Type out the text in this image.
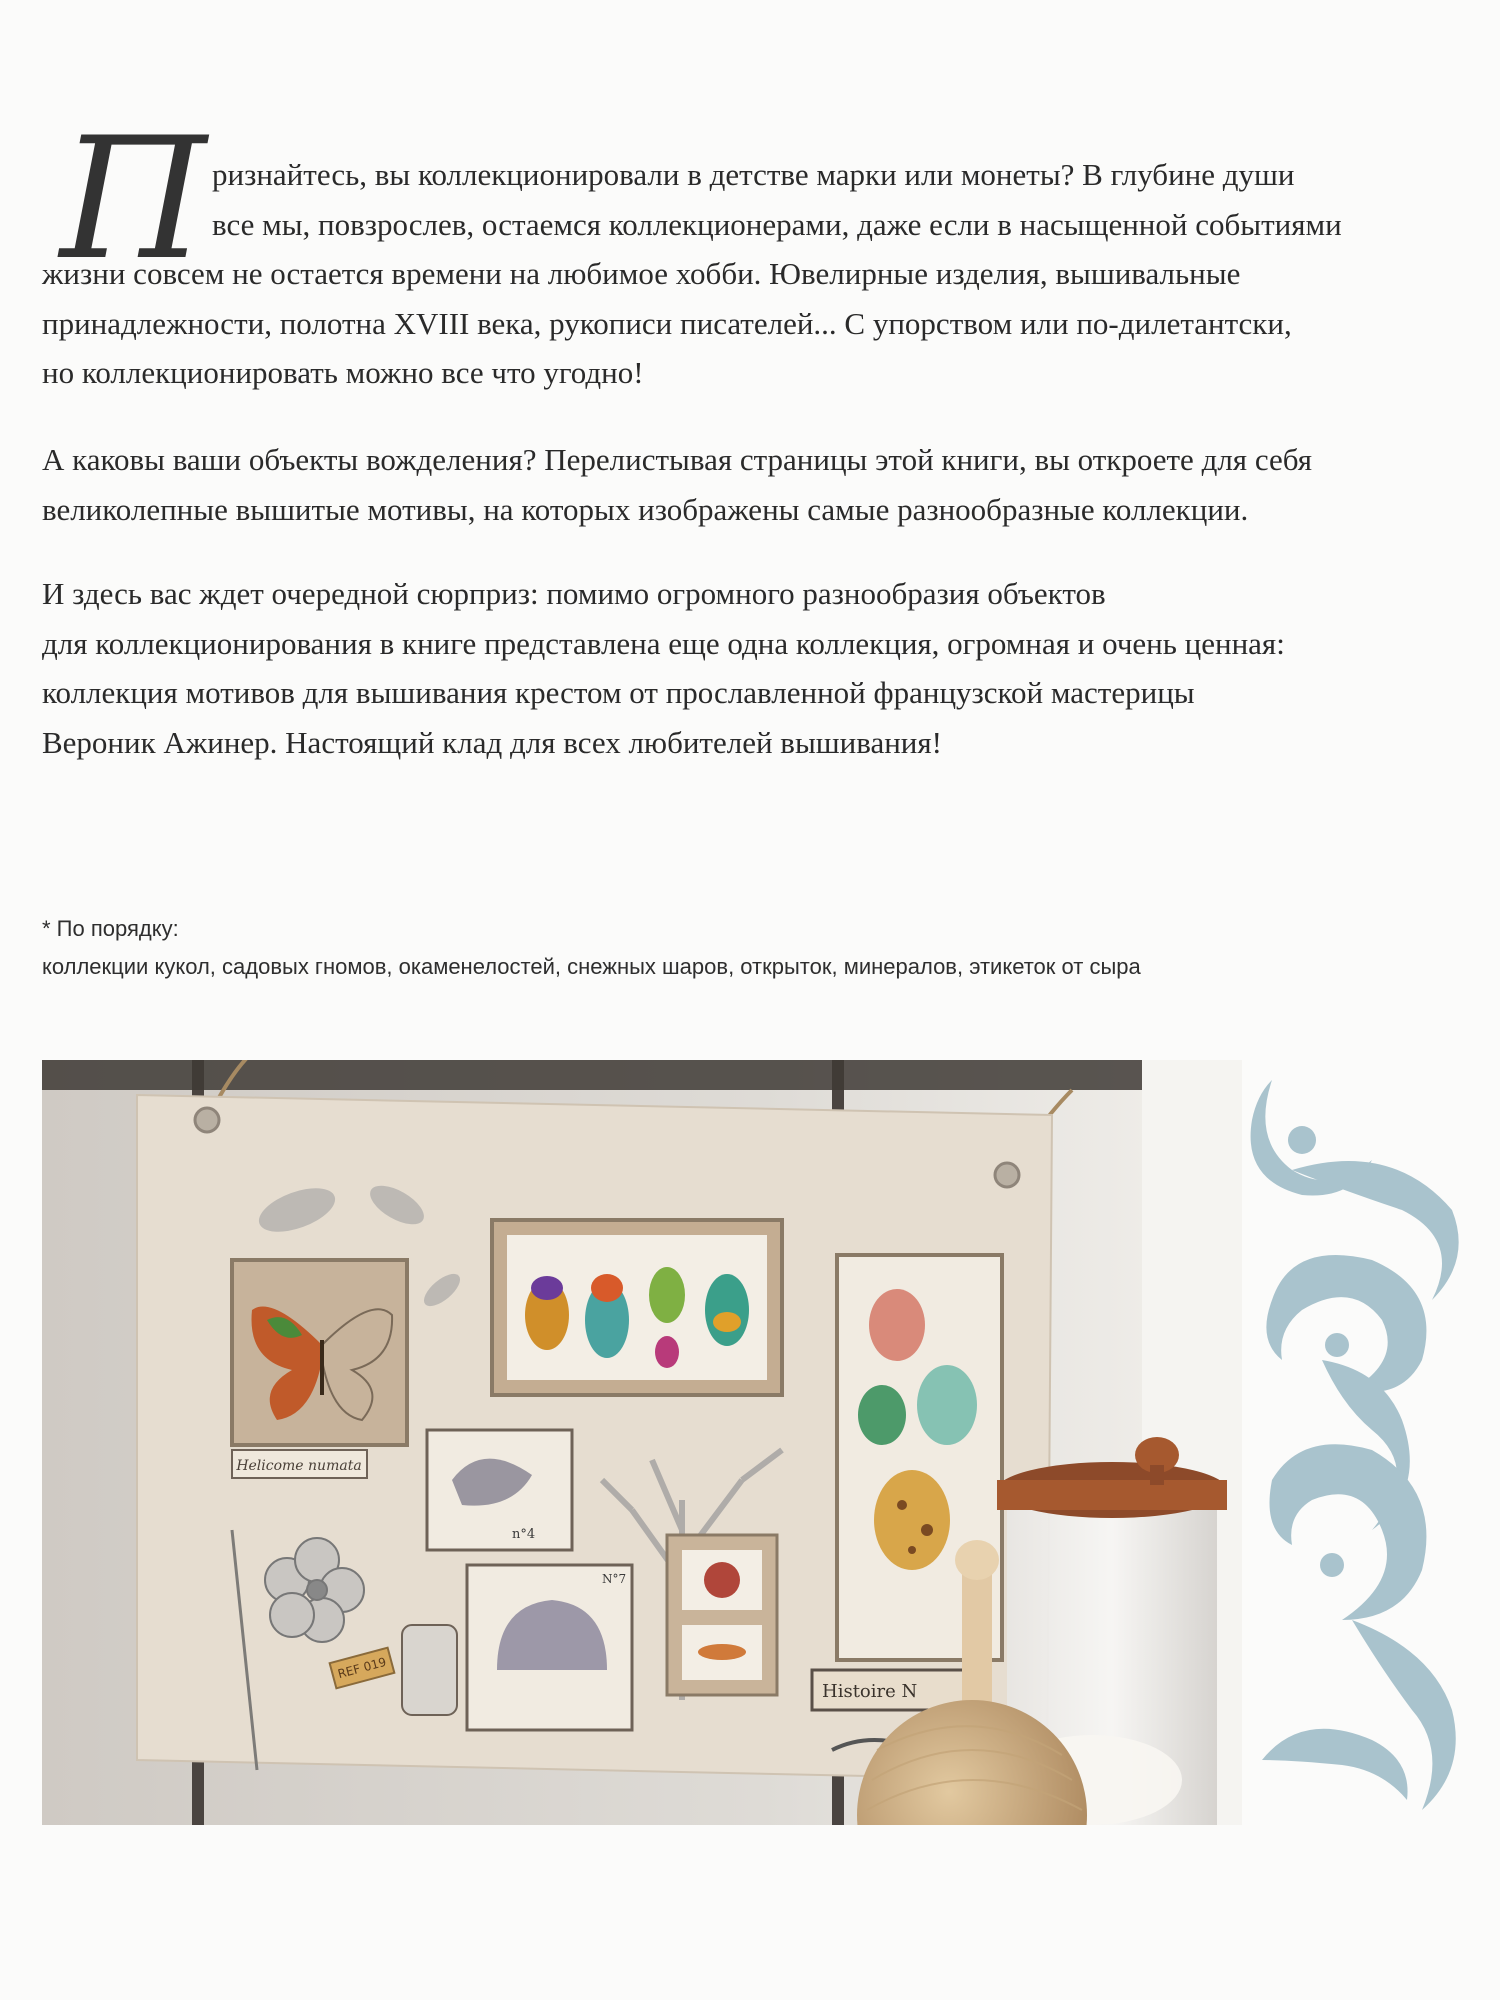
П ризнайтесь, вы коллекционировали в детстве марки или монеты? В глубине души
все мы, повзрослев, остаемся коллекционерами, даже если в насыщенной событиями
жизни совсем не остается времени на любимое хобби. Ювелирные изделия, вышивальные
принадлежности, полотна XVIII века, рукописи писателей... С упорством или по-дилетантски,
но коллекционировать можно все что угодно!
А каковы ваши объекты вожделения? Перелистывая страницы этой книги, вы откроете для себя
великолепные вышитые мотивы, на которых изображены самые разнообразные коллекции.
И здесь вас ждет очередной сюрприз: помимо огромного разнообразия объектов
для коллекционирования в книге представлена еще одна коллекция, огромная и очень ценная:
коллекция мотивов для вышивания крестом от прославленной французской мастерицы
Вероник Ажинер. Настоящий клад для всех любителей вышивания!
* По порядку:
коллекции кукол, садовых гномов, окаменелостей, снежных шаров, открыток, минералов, этикеток от сыра
Helicome numata
n°4
REF 019
N°7
Histoire N
